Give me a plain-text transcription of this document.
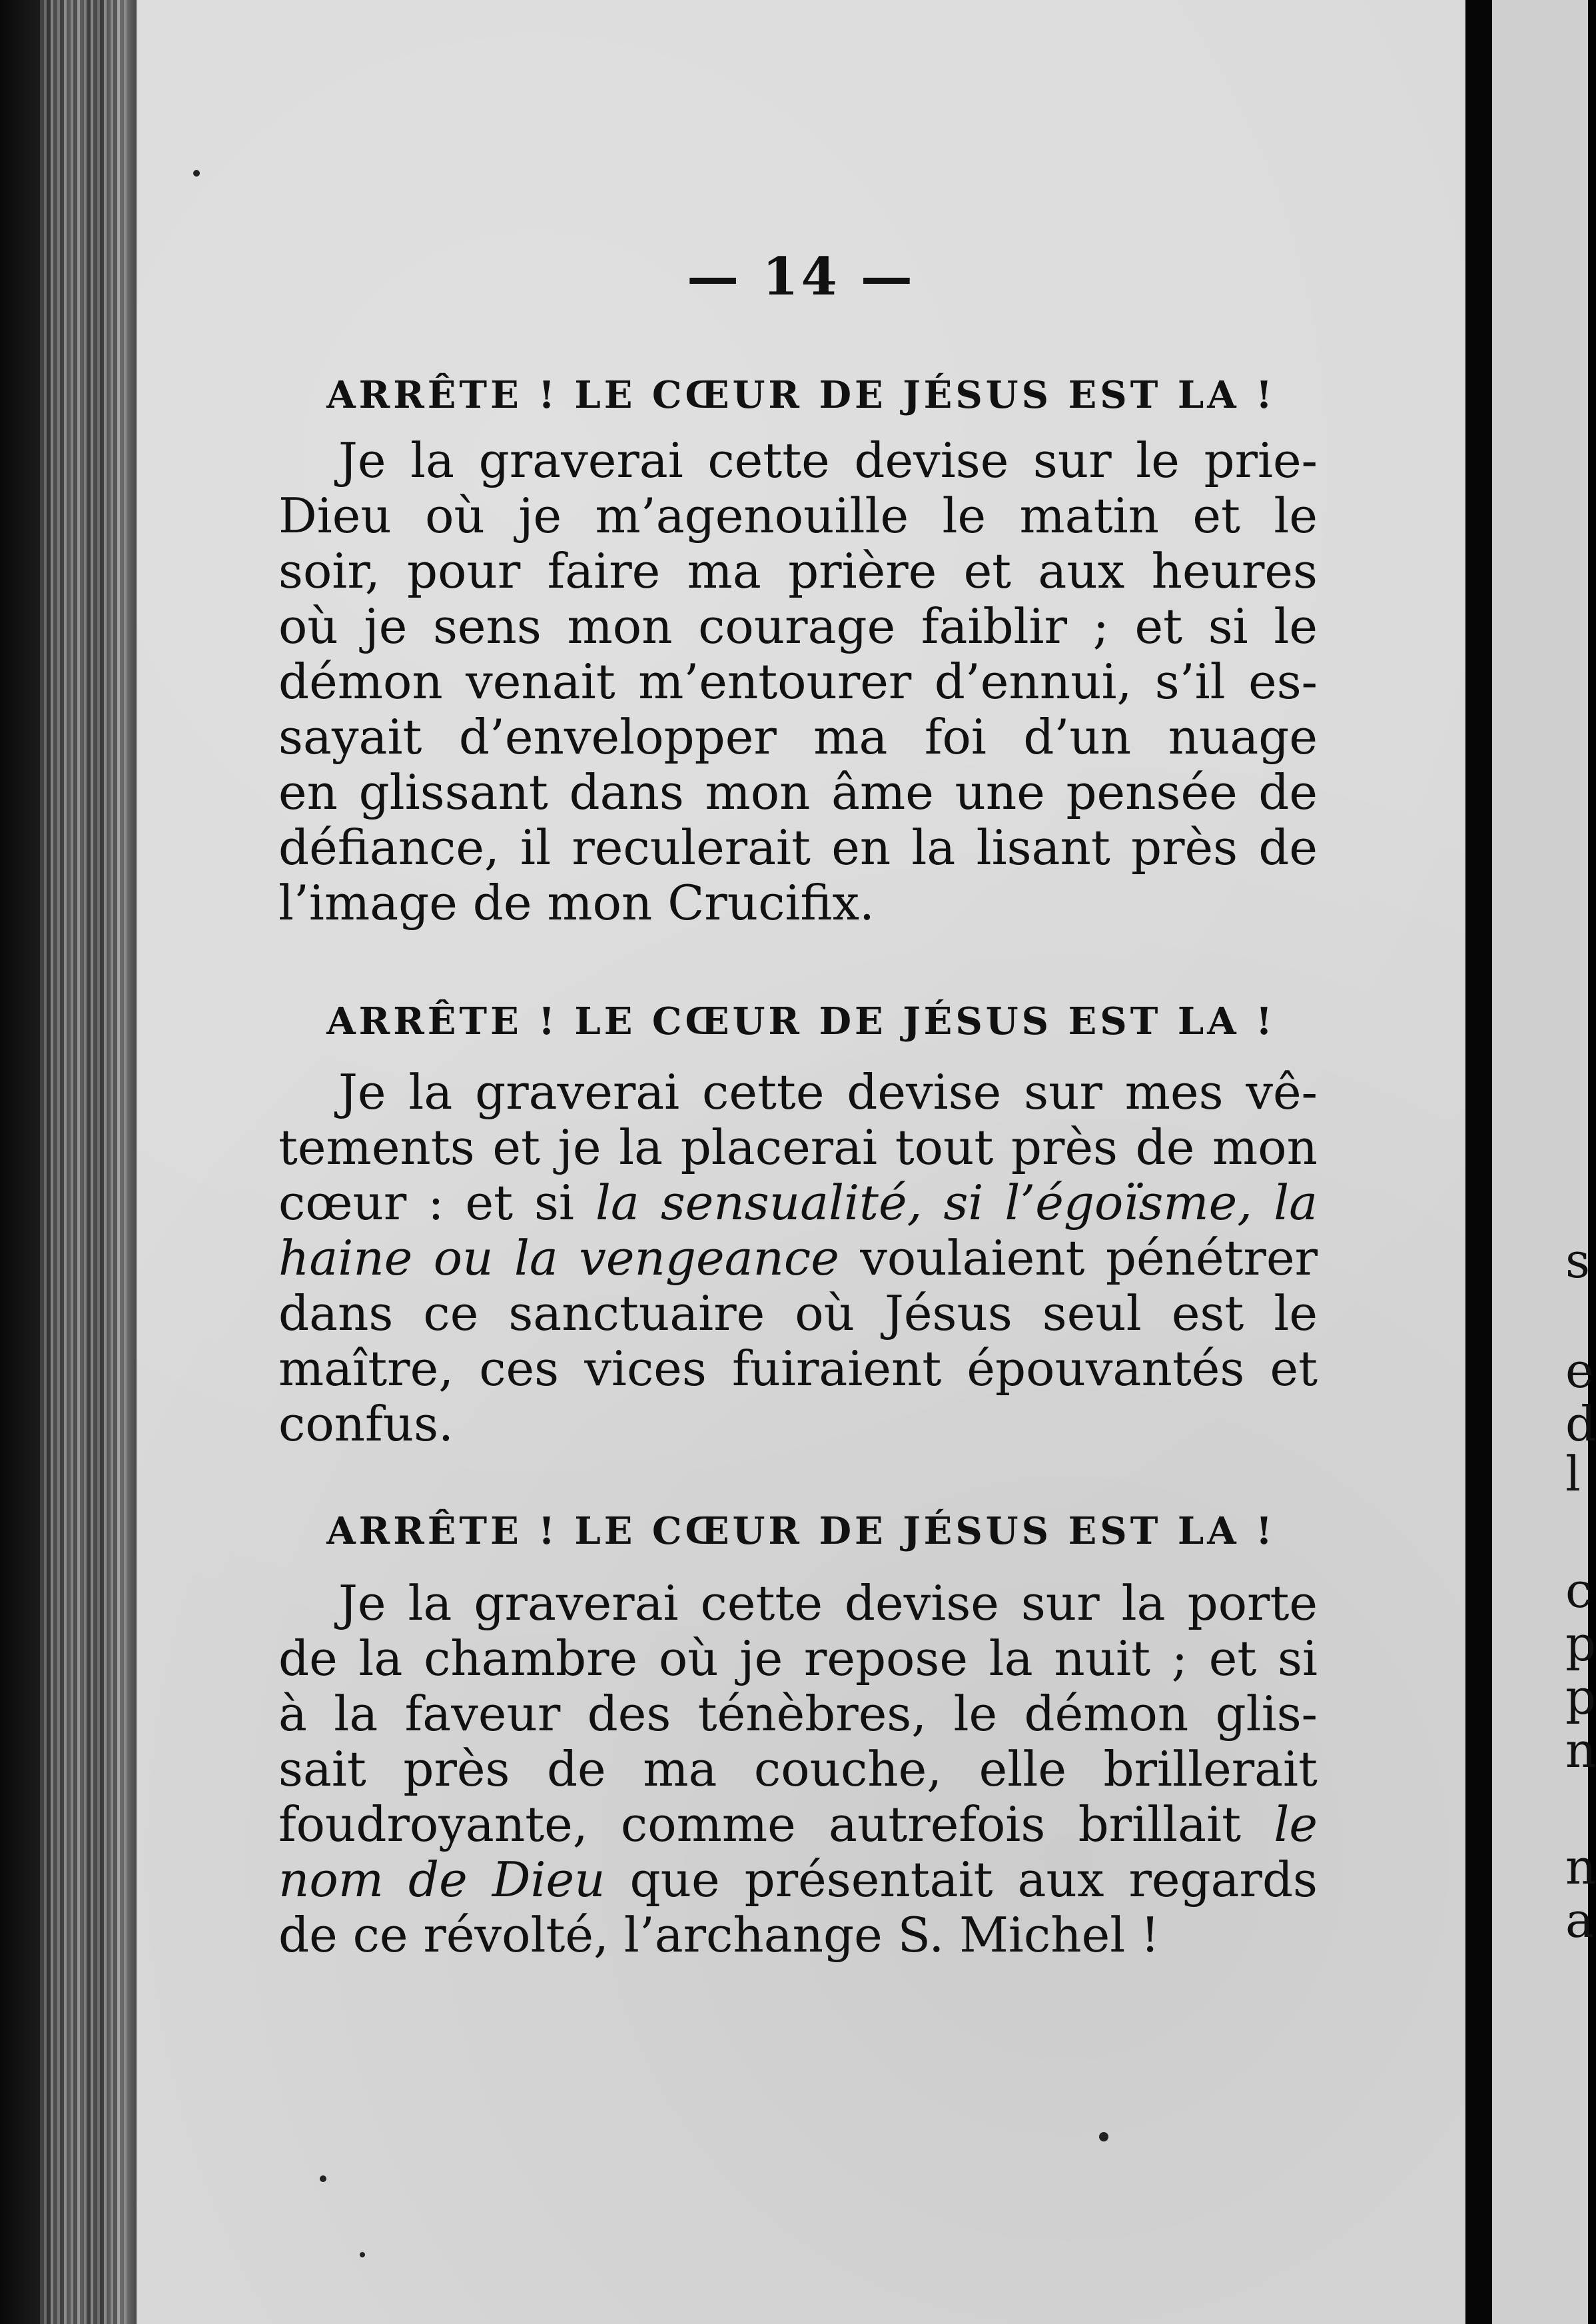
— 14 —
ARRÊTE ! LE CŒUR DE JÉSUS EST LA !
Je la graverai cette devise sur le prie-
Dieu où je m’agenouille le matin et le
soir, pour faire ma prière et aux heures
où je sens mon courage faiblir ; et si le
démon venait m’entourer d’ennui, s’il es-
sayait d’envelopper ma foi d’un nuage
en glissant dans mon âme une pensée de
défiance, il reculerait en la lisant près de
l’image de mon Crucifix.
ARRÊTE ! LE CŒUR DE JÉSUS EST LA !
Je la graverai cette devise sur mes vê-
tements et je la placerai tout près de mon
cœur : et si la sensualité, si l’égoïsme, la
haine ou la vengeance voulaient pénétrer
dans ce sanctuaire où Jésus seul est le
maître, ces vices fuiraient épouvantés et
confus.
ARRÊTE ! LE CŒUR DE JÉSUS EST LA !
Je la graverai cette devise sur la porte
de la chambre où je repose la nuit ; et si
à la faveur des ténèbres, le démon glis-
sait près de ma couche, elle brillerait
foudroyante, comme autrefois brillait le
nom de Dieu que présentait aux regards
de ce révolté, l’archange S. Michel !
s
e
d
l
c
p
p
n
n
a
